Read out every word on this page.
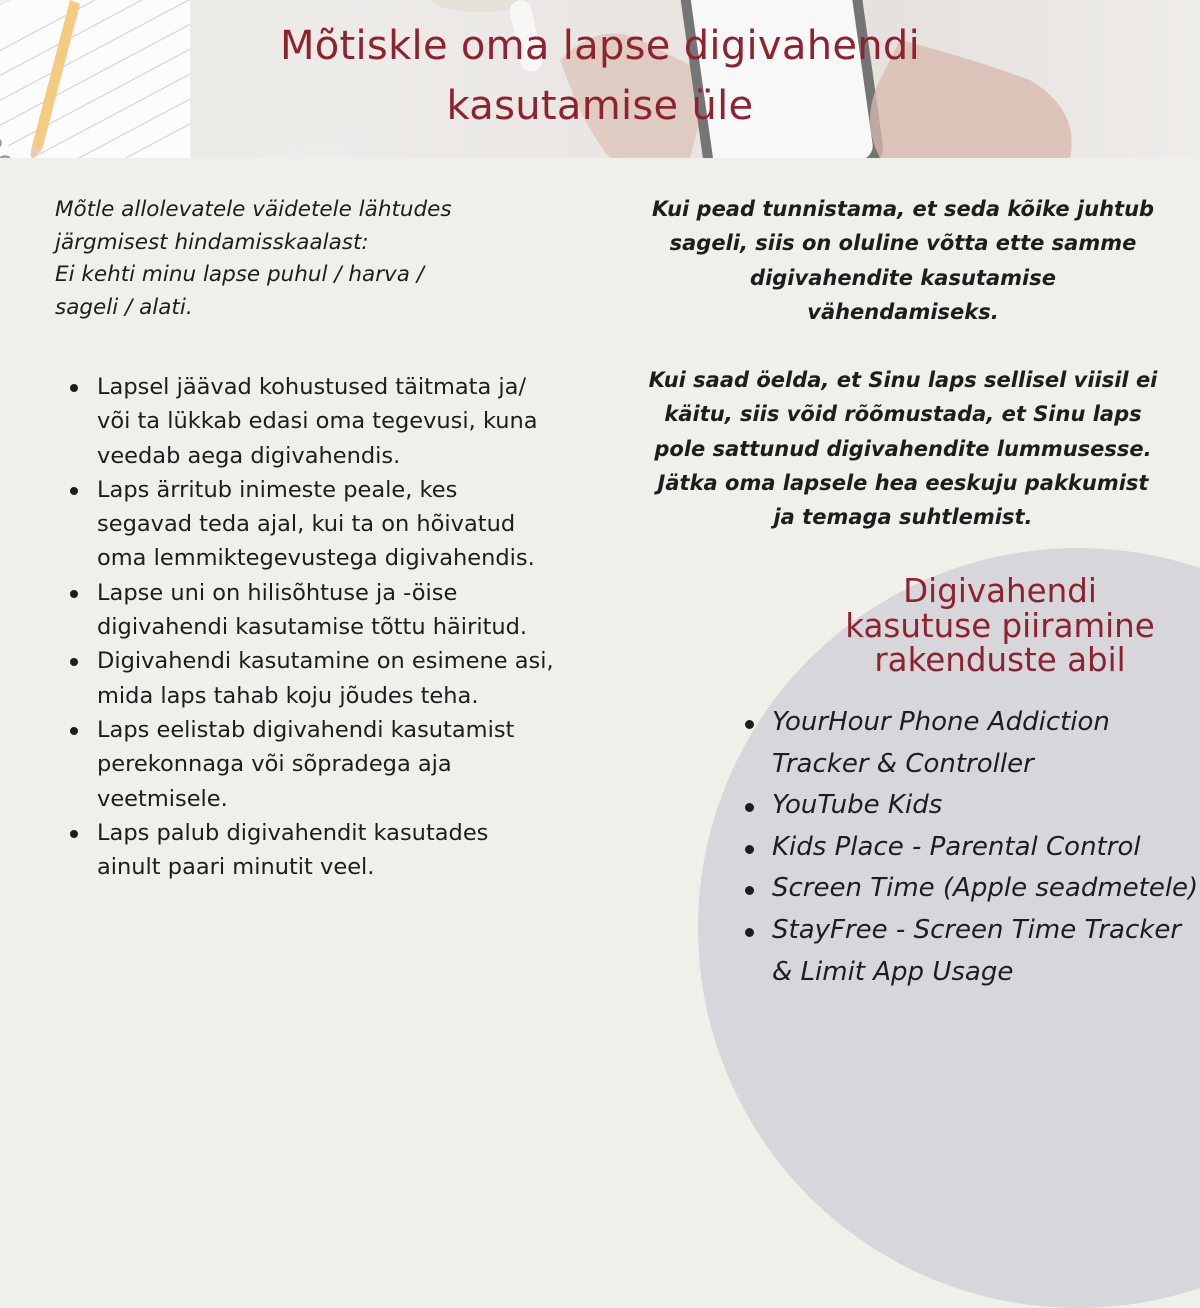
Mõtiskle oma lapse digivahendi
kasutamise üle

Mõtle allolevatele väidetele lähtudes
järgmisest hindamisskaalast:
Ei kehti minu lapse puhul / harva /
sageli / alati.

Lapsel jäävad kohustused täitmata ja/ või ta lükkab edasi oma tegevusi, kuna veedab aega digivahendis.
Laps ärritub inimeste peale, kes segavad teda ajal, kui ta on hõivatud oma lemmiktegevustega digivahendis.
Lapse uni on hilisõhtuse ja -öise digivahendi kasutamise tõttu häiritud.
Digivahendi kasutamine on esimene asi, mida laps tahab koju jõudes teha.
Laps eelistab digivahendi kasutamist perekonnaga või sõpradega aja veetmisele.
Laps palub digivahendit kasutades ainult paari minutit veel.

Kui pead tunnistama, et seda kõike juhtub
sageli, siis on oluline võtta ette samme
digivahendite kasutamise
vähendamiseks.

Kui saad öelda, et Sinu laps sellisel viisil ei
käitu, siis võid rõõmustada, et Sinu laps
pole sattunud digivahendite lummusesse.
Jätka oma lapsele hea eeskuju pakkumist
ja temaga suhtlemist.

Digivahendi
kasutuse piiramine
rakenduste abil
YourHour Phone Addiction Tracker & Controller
YouTube Kids
Kids Place - Parental Control
Screen Time (Apple seadmetele)
StayFree - Screen Time Tracker & Limit App Usage
